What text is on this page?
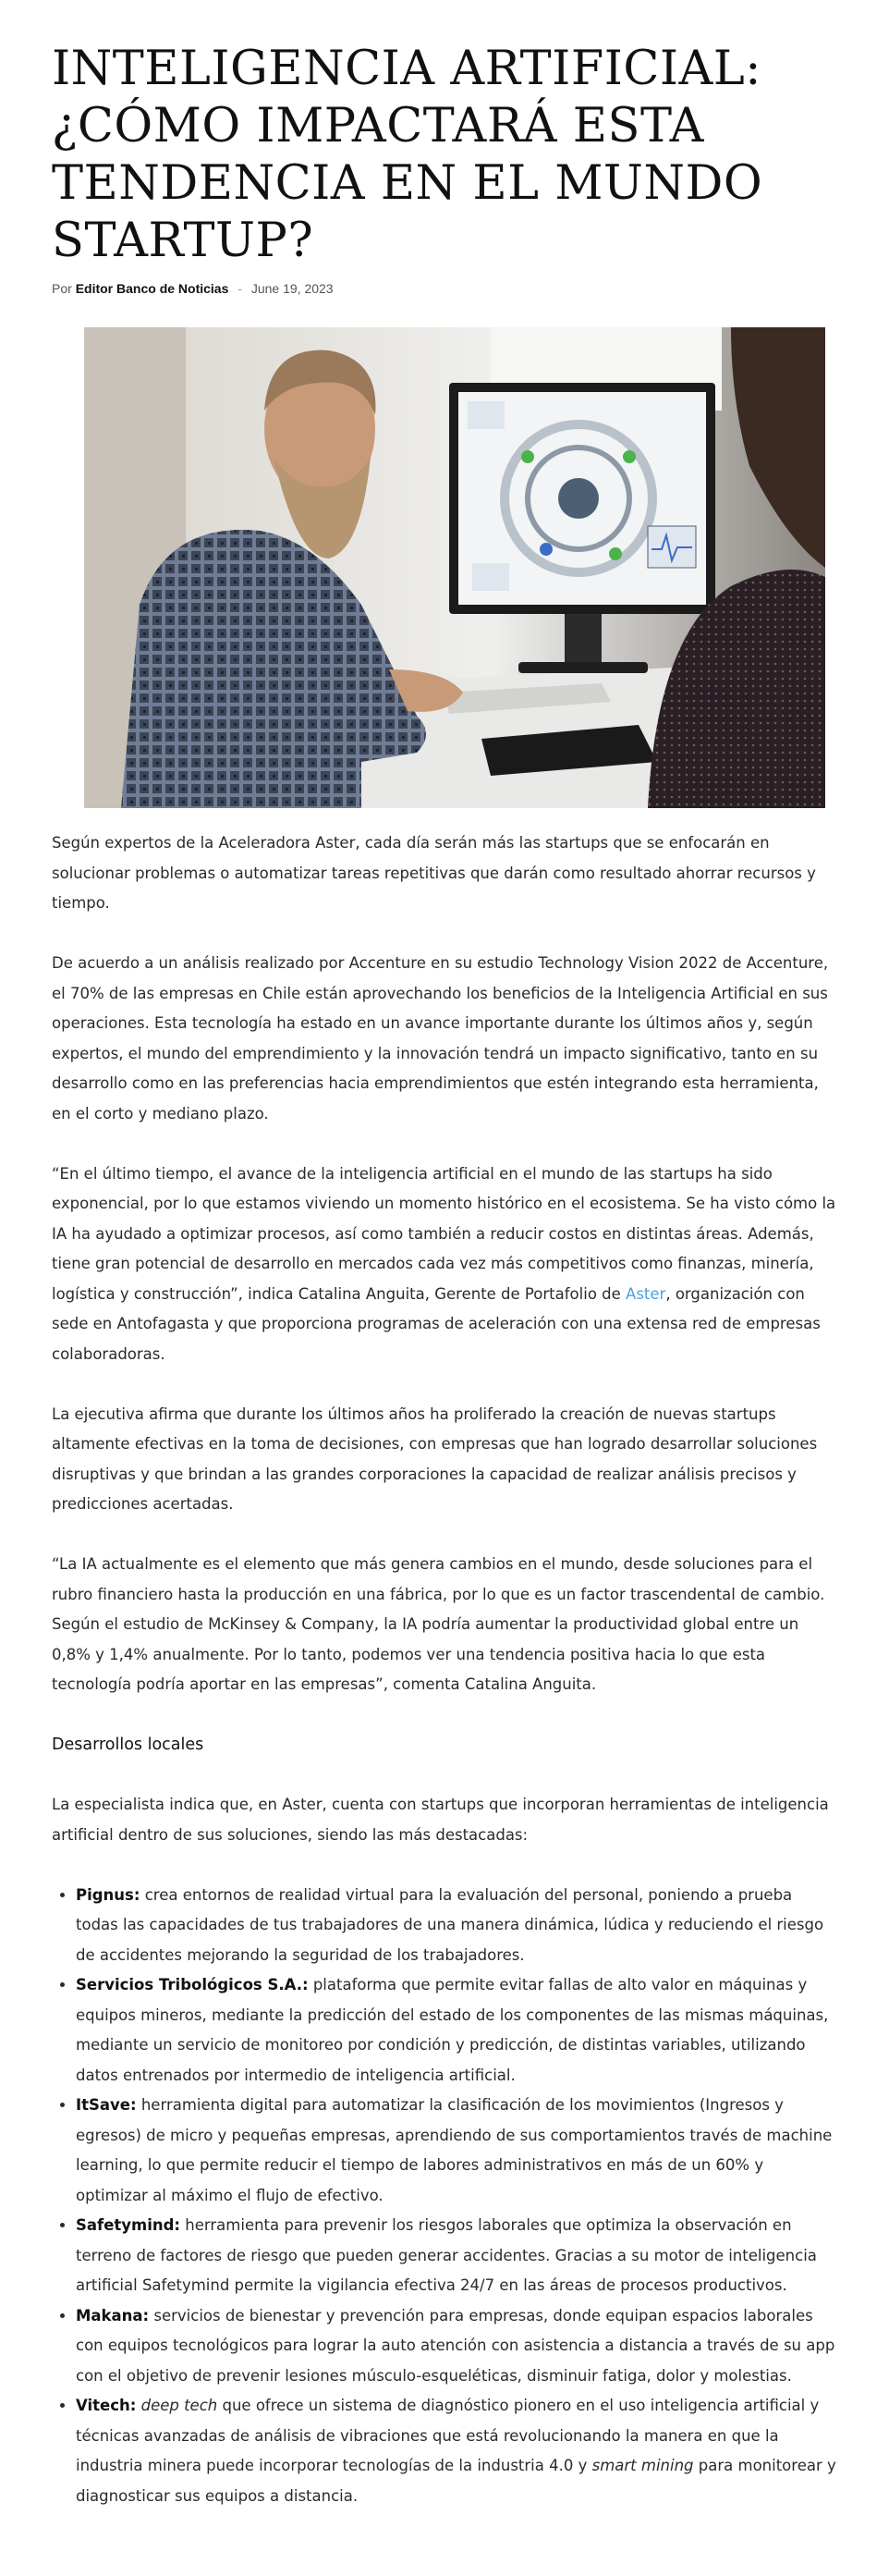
INTELIGENCIA ARTIFICIAL: ¿CÓMO IMPACTARÁ ESTA TENDENCIA EN EL MUNDO STARTUP?
Por Editor Banco de Noticias - June 19, 2023

Según expertos de la Aceleradora Aster, cada día serán más las startups que se enfocarán en solucionar problemas o automatizar tareas repetitivas que darán como resultado ahorrar recursos y tiempo.

De acuerdo a un análisis realizado por Accenture en su estudio Technology Vision 2022 de Accenture, el 70% de las empresas en Chile están aprovechando los beneficios de la Inteligencia Artificial en sus operaciones. Esta tecnología ha estado en un avance importante durante los últimos años y, según expertos, el mundo del emprendimiento y la innovación tendrá un impacto significativo, tanto en su desarrollo como en las preferencias hacia emprendimientos que estén integrando esta herramienta, en el corto y mediano plazo.

“En el último tiempo, el avance de la inteligencia artificial en el mundo de las startups ha sido exponencial, por lo que estamos viviendo un momento histórico en el ecosistema. Se ha visto cómo la IA ha ayudado a optimizar procesos, así como también a reducir costos en distintas áreas. Además, tiene gran potencial de desarrollo en mercados cada vez más competitivos como finanzas, minería, logística y construcción”, indica Catalina Anguita, Gerente de Portafolio de Aster, organización con sede en Antofagasta y que proporciona programas de aceleración con una extensa red de empresas colaboradoras.

La ejecutiva afirma que durante los últimos años ha proliferado la creación de nuevas startups altamente efectivas en la toma de decisiones, con empresas que han logrado desarrollar soluciones disruptivas y que brindan a las grandes corporaciones la capacidad de realizar análisis precisos y predicciones acertadas.

“La IA actualmente es el elemento que más genera cambios en el mundo, desde soluciones para el rubro financiero hasta la producción en una fábrica, por lo que es un factor trascendental de cambio. Según el estudio de McKinsey & Company, la IA podría aumentar la productividad global entre un 0,8% y 1,4% anualmente. Por lo tanto, podemos ver una tendencia positiva hacia lo que esta tecnología podría aportar en las empresas”, comenta Catalina Anguita.

Desarrollos locales

La especialista indica que, en Aster, cuenta con startups que incorporan herramientas de inteligencia artificial dentro de sus soluciones, siendo las más destacadas:

• Pignus: crea entornos de realidad virtual para la evaluación del personal, poniendo a prueba todas las capacidades de tus trabajadores de una manera dinámica, lúdica y reduciendo el riesgo de accidentes mejorando la seguridad de los trabajadores.
• Servicios Tribológicos S.A.: plataforma que permite evitar fallas de alto valor en máquinas y equipos mineros, mediante la predicción del estado de los componentes de las mismas máquinas, mediante un servicio de monitoreo por condición y predicción, de distintas variables, utilizando datos entrenados por intermedio de inteligencia artificial.
• ItSave: herramienta digital para automatizar la clasificación de los movimientos (Ingresos y egresos) de micro y pequeñas empresas, aprendiendo de sus comportamientos través de machine learning, lo que permite reducir el tiempo de labores administrativos en más de un 60% y optimizar al máximo el flujo de efectivo.
• Safetymind: herramienta para prevenir los riesgos laborales que optimiza la observación en terreno de factores de riesgo que pueden generar accidentes. Gracias a su motor de inteligencia artificial Safetymind permite la vigilancia efectiva 24/7 en las áreas de procesos productivos.
• Makana: servicios de bienestar y prevención para empresas, donde equipan espacios laborales con equipos tecnológicos para lograr la auto atención con asistencia a distancia a través de su app con el objetivo de prevenir lesiones músculo-esqueléticas, disminuir fatiga, dolor y molestias.
• Vitech: deep tech que ofrece un sistema de diagnóstico pionero en el uso inteligencia artificial y técnicas avanzadas de análisis de vibraciones que está revolucionando la manera en que la industria minera puede incorporar tecnologías de la industria 4.0 y smart mining para monitorear y diagnosticar sus equipos a distancia.
